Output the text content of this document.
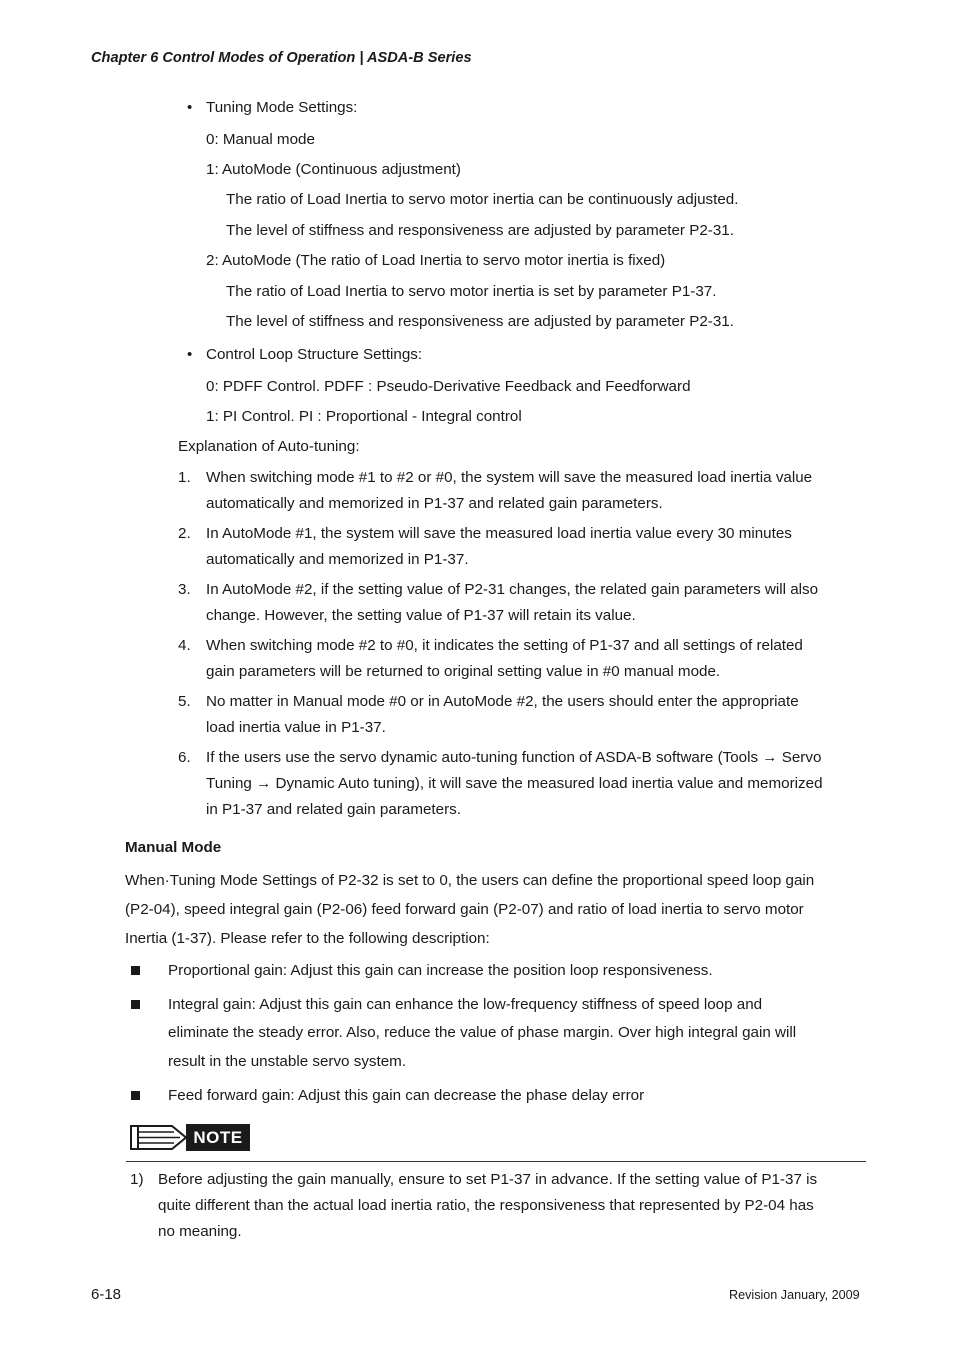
Chapter 6 Control Modes of Operation | ASDA-B Series
• Tuning Mode Settings:
0: Manual mode
1: AutoMode (Continuous adjustment)
The ratio of Load Inertia to servo motor inertia can be continuously adjusted.
The level of stiffness and responsiveness are adjusted by parameter P2-31.
2: AutoMode (The ratio of Load Inertia to servo motor inertia is fixed)
The ratio of Load Inertia to servo motor inertia is set by parameter P1-37.
The level of stiffness and responsiveness are adjusted by parameter P2-31.
• Control Loop Structure Settings:
0: PDFF Control. PDFF : Pseudo-Derivative Feedback and Feedforward
1: PI Control. PI : Proportional - Integral control
Explanation of Auto-tuning:
1. When switching mode #1 to #2 or #0, the system will save the measured load inertia value
automatically and memorized in P1-37 and related gain parameters.
2. In AutoMode #1, the system will save the measured load inertia value every 30 minutes
automatically and memorized in P1-37.
3. In AutoMode #2, if the setting value of P2-31 changes, the related gain parameters will also
change. However, the setting value of P1-37 will retain its value.
4. When switching mode #2 to #0, it indicates the setting of P1-37 and all settings of related
gain parameters will be returned to original setting value in #0 manual mode.
5. No matter in Manual mode #0 or in AutoMode #2, the users should enter the appropriate
load inertia value in P1-37.
6. If the users use the servo dynamic auto-tuning function of ASDA-B software (Tools → Servo
Tuning → Dynamic Auto tuning), it will save the measured load inertia value and memorized
in P1-37 and related gain parameters.
Manual Mode
When·Tuning Mode Settings of P2-32 is set to 0, the users can define the proportional speed loop gain
(P2-04), speed integral gain (P2-06) feed forward gain (P2-07) and ratio of load inertia to servo motor
Inertia (1-37). Please refer to the following description:
Proportional gain: Adjust this gain can increase the position loop responsiveness.
Integral gain: Adjust this gain can enhance the low-frequency stiffness of speed loop and
eliminate the steady error. Also, reduce the value of phase margin. Over high integral gain will
result in the unstable servo system.
Feed forward gain: Adjust this gain can decrease the phase delay error
NOTE
1) Before adjusting the gain manually, ensure to set P1-37 in advance. If the setting value of P1-37 is
quite different than the actual load inertia ratio, the responsiveness that represented by P2-04 has
no meaning.
6-18	Revision January, 2009
